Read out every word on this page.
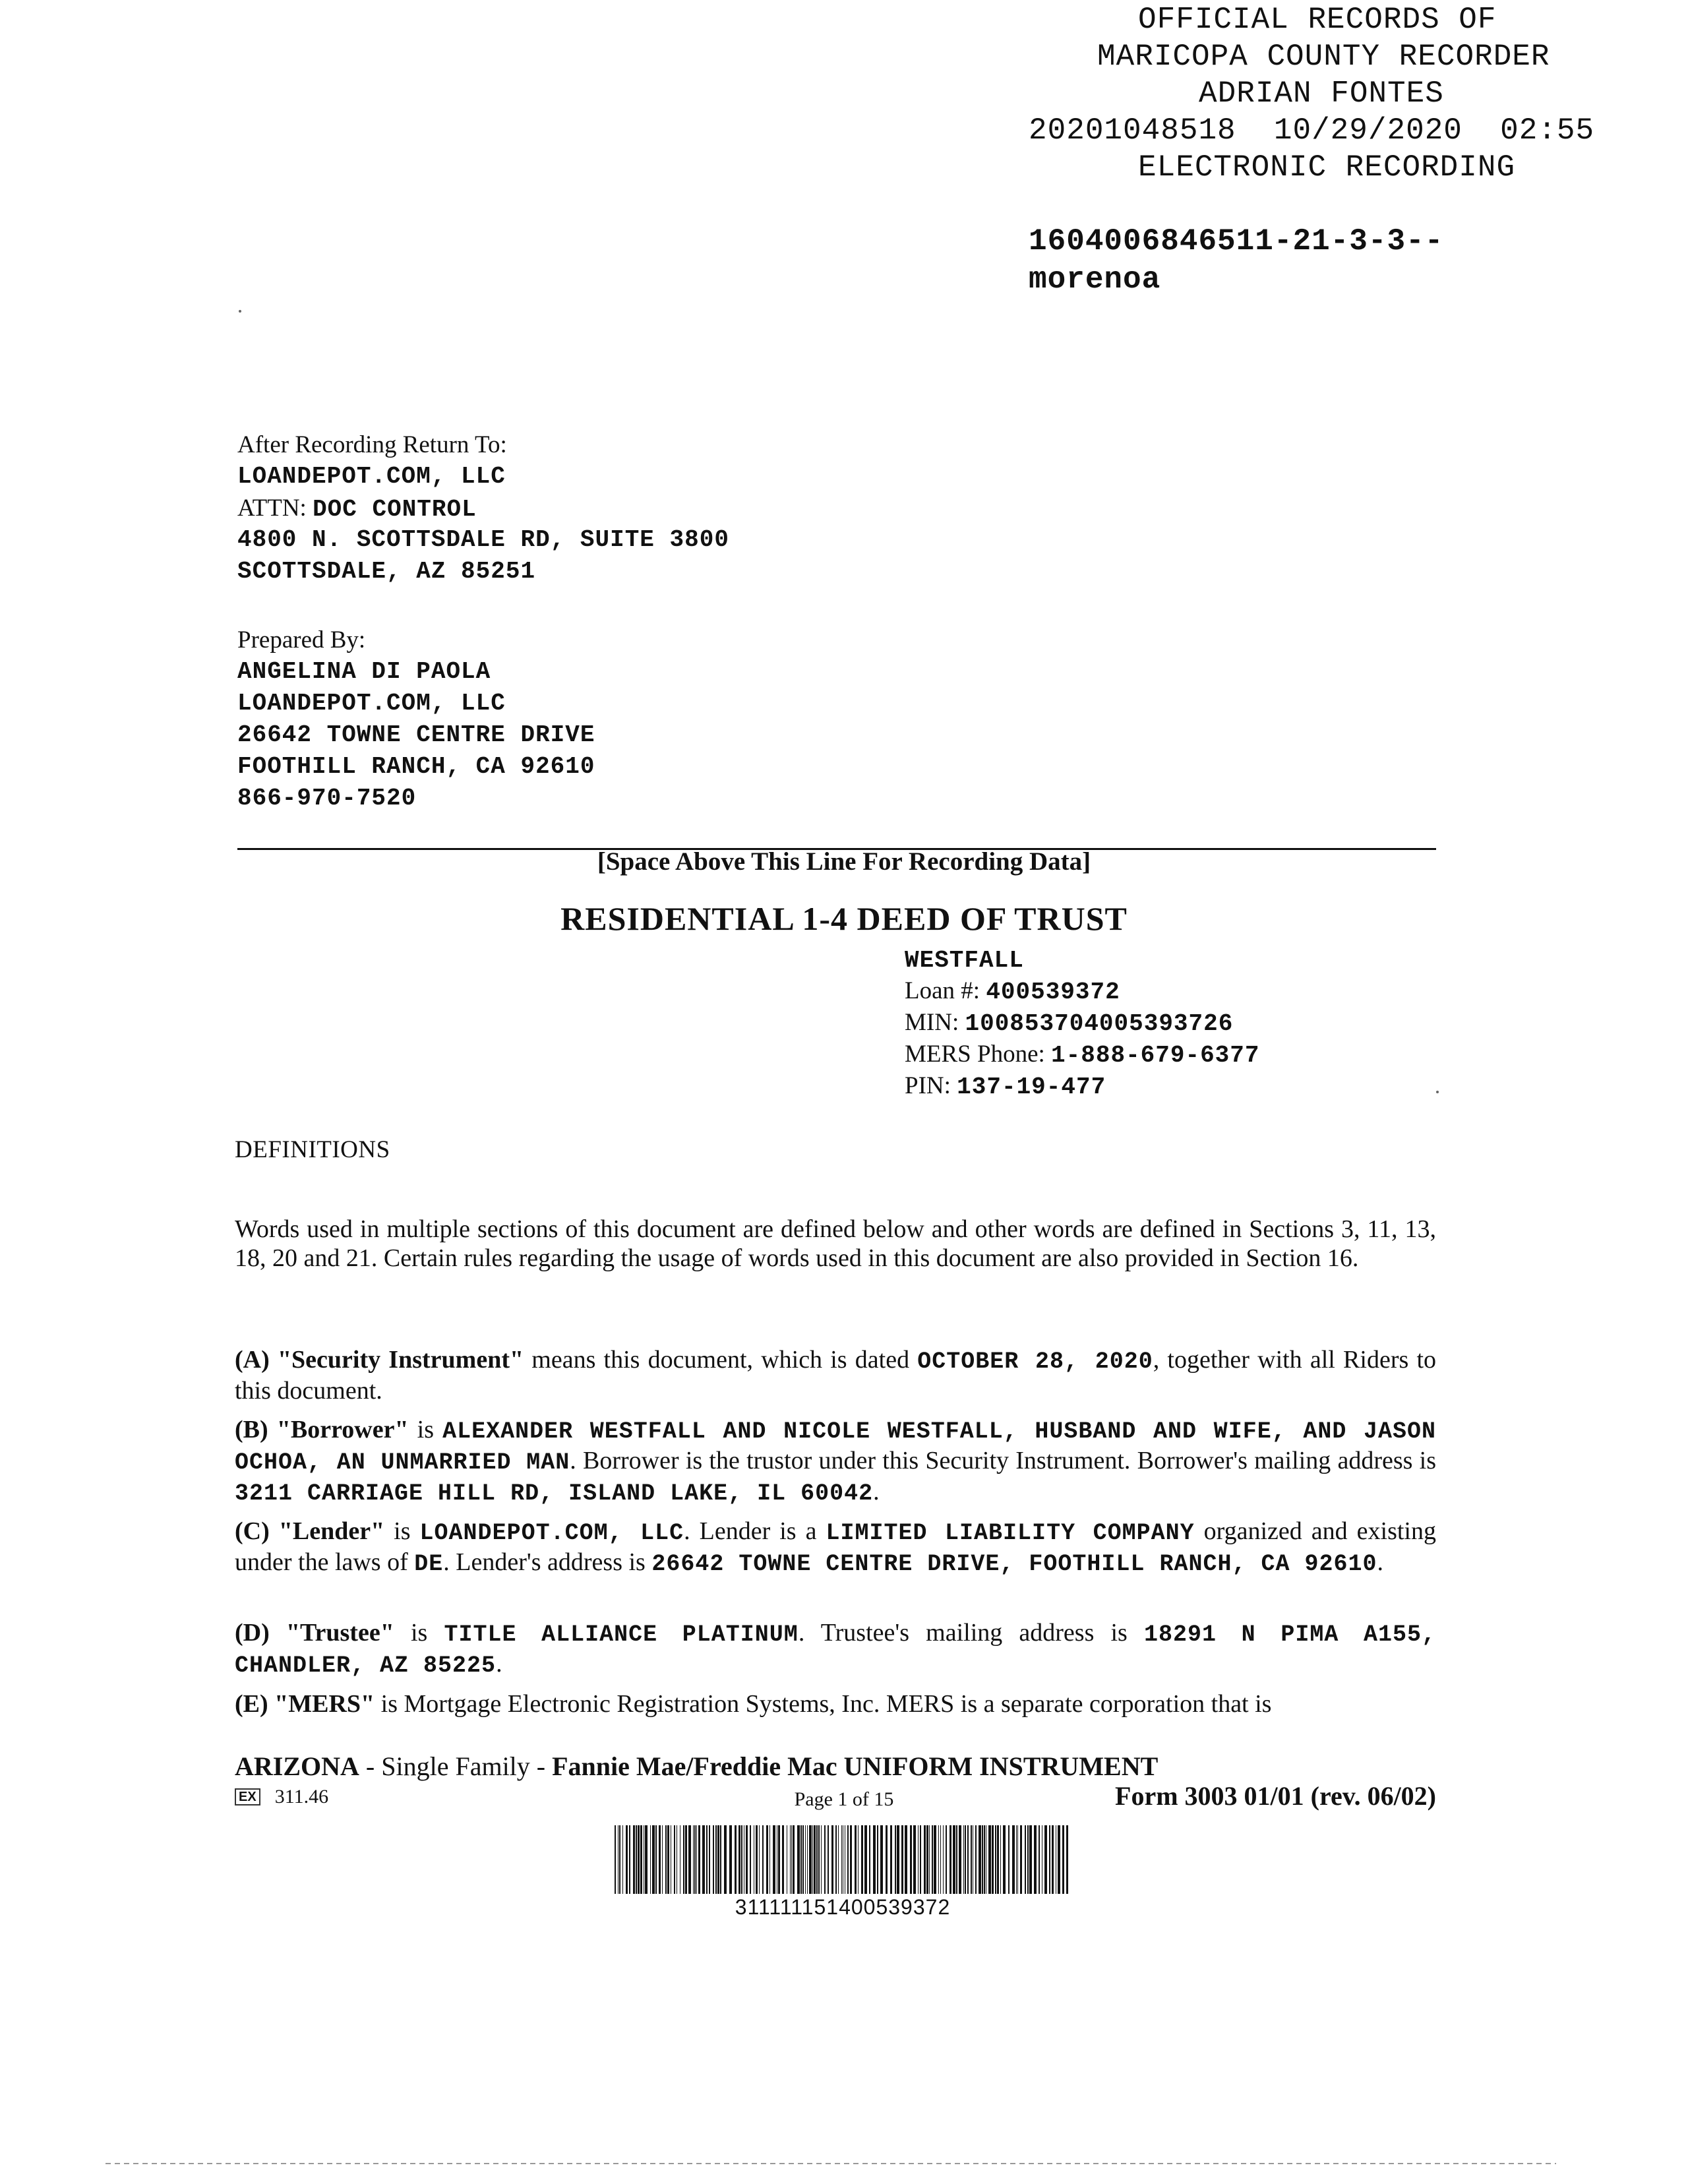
OFFICIAL RECORDS OF
MARICOPA COUNTY RECORDER
ADRIAN FONTES
20201048518  10/29/2020  02:55
ELECTRONIC RECORDING
1604006846511-21-3-3--
morenoa
After Recording Return To:
LOANDEPOT.COM, LLC
ATTN: DOC CONTROL
4800 N. SCOTTSDALE RD, SUITE 3800
SCOTTSDALE, AZ 85251
Prepared By:
ANGELINA DI PAOLA
LOANDEPOT.COM, LLC
26642 TOWNE CENTRE DRIVE
FOOTHILL RANCH, CA 92610
866-970-7520
[Space Above This Line For Recording Data]
RESIDENTIAL 1-4 DEED OF TRUST
WESTFALL
Loan #: 400539372
MIN: 100853704005393726
MERS Phone: 1-888-679-6377
PIN: 137-19-477
DEFINITIONS
Words used in multiple sections of this document are defined below and other words are defined in Sections 3, 11, 13, 18, 20 and 21. Certain rules regarding the usage of words used in this document are also provided in Section 16.
(A) "Security Instrument" means this document, which is dated OCTOBER 28, 2020, together with all Riders to this document.
(B) "Borrower" is ALEXANDER WESTFALL AND NICOLE WESTFALL, HUSBAND AND WIFE, AND JASON OCHOA, AN UNMARRIED MAN. Borrower is the trustor under this Security Instrument. Borrower's mailing address is 3211 CARRIAGE HILL RD, ISLAND LAKE, IL 60042.
(C) "Lender" is LOANDEPOT.COM, LLC. Lender is a LIMITED LIABILITY COMPANY organized and existing under the laws of DE. Lender's address is 26642 TOWNE CENTRE DRIVE, FOOTHILL RANCH, CA 92610.
(D) "Trustee" is TITLE ALLIANCE PLATINUM. Trustee's mailing address is 18291 N PIMA A155, CHANDLER, AZ 85225.
(E) "MERS" is Mortgage Electronic Registration Systems, Inc. MERS is a separate corporation that is
ARIZONA - Single Family - Fannie Mae/Freddie Mac UNIFORM INSTRUMENT
EX 311.46	Page 1 of 15	Form 3003 01/01 (rev. 06/02)
311111151400539372
